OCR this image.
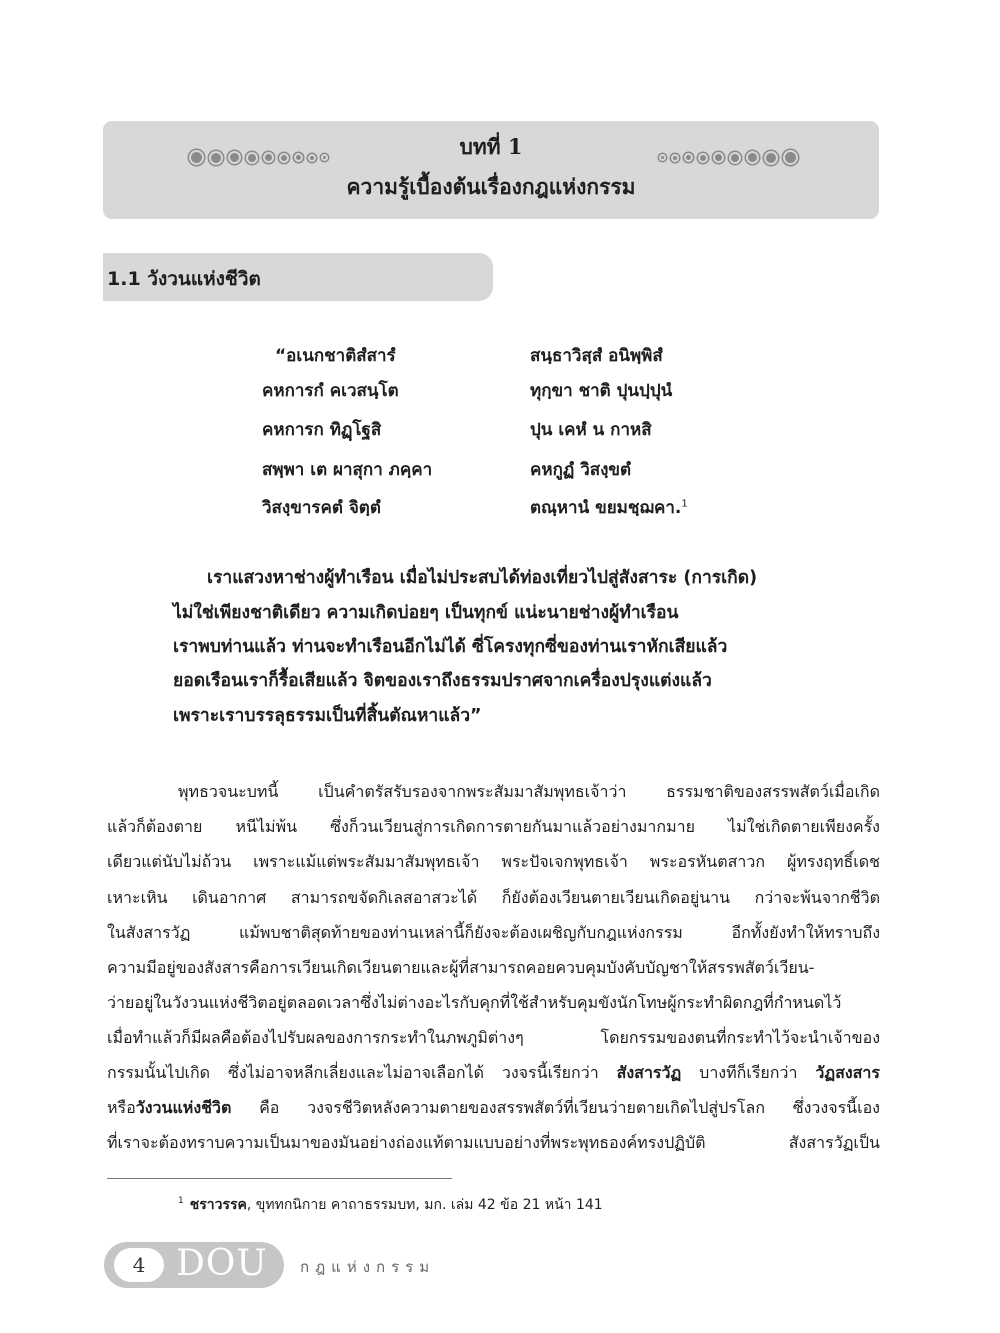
บทที่ 1
ความรู้เบื้องต้นเรื่องกฎแห่งกรรม
1.1 วังวนแห่งชีวิต
“อเนกชาติสํสารํ
คหการกํ คเวสนฺโต
คหการก ทิฏฺโฐสิ
สพฺพา เต ผาสุกา ภคฺคา
วิสงฺขารคตํ จิตฺตํ
สนฺธาวิสฺสํ อนิพฺพิสํ
ทุกฺขา ชาติ ปุนปฺปุนํ
ปุน เคหํ น กาหสิ
คหกูฏํ วิสงฺขตํ
ตณฺหานํ ขยมชฺฌคา.$^1$
เราแสวงหาช่างผู้ทำเรือน เมื่อไม่ประสบได้ท่องเที่ยวไปสู่สังสาระ (การเกิด)
ไม่ใช่เพียงชาติเดียว ความเกิดบ่อยๆ เป็นทุกข์ แน่ะนายช่างผู้ทำเรือน
เราพบท่านแล้ว ท่านจะทำเรือนอีกไม่ได้ ซี่โครงทุกซี่ของท่านเราหักเสียแล้ว
ยอดเรือนเราก็รื้อเสียแล้ว จิตของเราถึงธรรมปราศจากเครื่องปรุงแต่งแล้ว
เพราะเราบรรลุธรรมเป็นที่สิ้นตัณหาแล้ว”
พุทธวจนะบทนี้ เป็นคำตรัสรับรองจากพระสัมมาสัมพุทธเจ้าว่า ธรรมชาติของสรรพสัตว์เมื่อเกิด
แล้วก็ต้องตาย หนีไม่พ้น ซึ่งก็วนเวียนสู่การเกิดการตายกันมาแล้วอย่างมากมาย ไม่ใช่เกิดตายเพียงครั้ง
เดียวแต่นับไม่ถ้วน เพราะแม้แต่พระสัมมาสัมพุทธเจ้า พระปัจเจกพุทธเจ้า พระอรหันตสาวก ผู้ทรงฤทธิ์เดช
เหาะเหิน เดินอากาศ สามารถขจัดกิเลสอาสวะได้ ก็ยังต้องเวียนตายเวียนเกิดอยู่นาน กว่าจะพ้นจากชีวิต
ในสังสารวัฏ แม้พบชาติสุดท้ายของท่านเหล่านี้ก็ยังจะต้องเผชิญกับกฎแห่งกรรม อีกทั้งยังทำให้ทราบถึง
ความมีอยู่ของสังสารคือการเวียนเกิดเวียนตายและผู้ที่สามารถคอยควบคุมบังคับบัญชาให้สรรพสัตว์เวียน-
ว่ายอยู่ในวังวนแห่งชีวิตอยู่ตลอดเวลาซึ่งไม่ต่างอะไรกับคุกที่ใช้สำหรับคุมขังนักโทษผู้กระทำผิดกฎที่กำหนดไว้
เมื่อทำแล้วก็มีผลคือต้องไปรับผลของการกระทำในภพภูมิต่างๆ โดยกรรมของตนที่กระทำไว้จะนำเจ้าของ
กรรมนั้นไปเกิด ซึ่งไม่อาจหลีกเลี่ยงและไม่อาจเลือกได้ วงจรนี้เรียกว่า สังสารวัฏ บางทีก็เรียกว่า วัฏสงสาร
หรือวังวนแห่งชีวิต คือ วงจรชีวิตหลังความตายของสรรพสัตว์ที่เวียนว่ายตายเกิดไปสู่ปรโลก ซึ่งวงจรนี้เอง
ที่เราจะต้องทราบความเป็นมาของมันอย่างถ่องแท้ตามแบบอย่างที่พระพุทธองค์ทรงปฏิบัติ สังสารวัฏเป็น
$^1$ ชราวรรค, ขุททกนิกาย คาถาธรรมบท, มก. เล่ม 42 ข้อ 21 หน้า 141
4 DOU กฎแห่งกรรม
